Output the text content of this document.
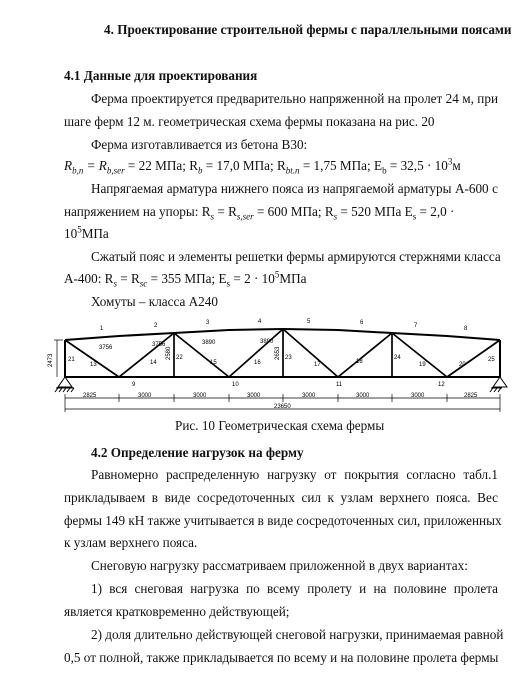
4. Проектирование строительной фермы с параллельными поясами
4.1 Данные для проектирования
Ферма проектируется предварительно напряженной на пролет 24 м, при
шаге ферм 12 м. геометрическая схема фермы показана на рис. 20
Ферма изготавливается из бетона В30:
$R_{b,n} = R_{b,ser} = 22$ МПа; $R_b = 17,0$ МПа; $R_{bt.n} = 1,75$ МПа; $E_b = 32,5 \cdot 10^3м$
Напрягаемая арматура нижнего пояса из напрягаемой арматуры А-600 с
напряжением на упоры: $R_s = R_{s,ser} = 600$ МПа; $R_s = 520$ МПа $E_s = 2,0$ ·
$10^5МПа$
Сжатый пояс и элементы решетки фермы армируются стержнями класса
А-400: $R_s = R_{sc} = 355$ МПа; $E_s = 2 \cdot 10^5МПа$
Хомуты – класса А240
1	2	3	4	5	6	7	8
9	10	11	12
21
13	14
22
15	16
23
17	18
24
19	20
25
3756	3756	3890	3890
2580	2653
2473
2825	3000	3000	3000	3000	3000	3000	2825
23650
Рис. 10 Геометрическая схема фермы
4.2 Определение нагрузок на ферму
Равномерно распределенную нагрузку от покрытия согласно табл.1
прикладываем в виде сосредоточенных сил к узлам верхнего пояса. Вес
фермы 149 кН также учитывается в виде сосредоточенных сил, приложенных
к узлам верхнего пояса.
Снеговую нагрузку рассматриваем приложенной в двух вариантах:
1) вся снеговая нагрузка по всему пролету и на половине пролета
является кратковременно действующей;
2) доля длительно действующей снеговой нагрузки, принимаемая равной
0,5 от полной, также прикладывается по всему и на половине пролета фермы
